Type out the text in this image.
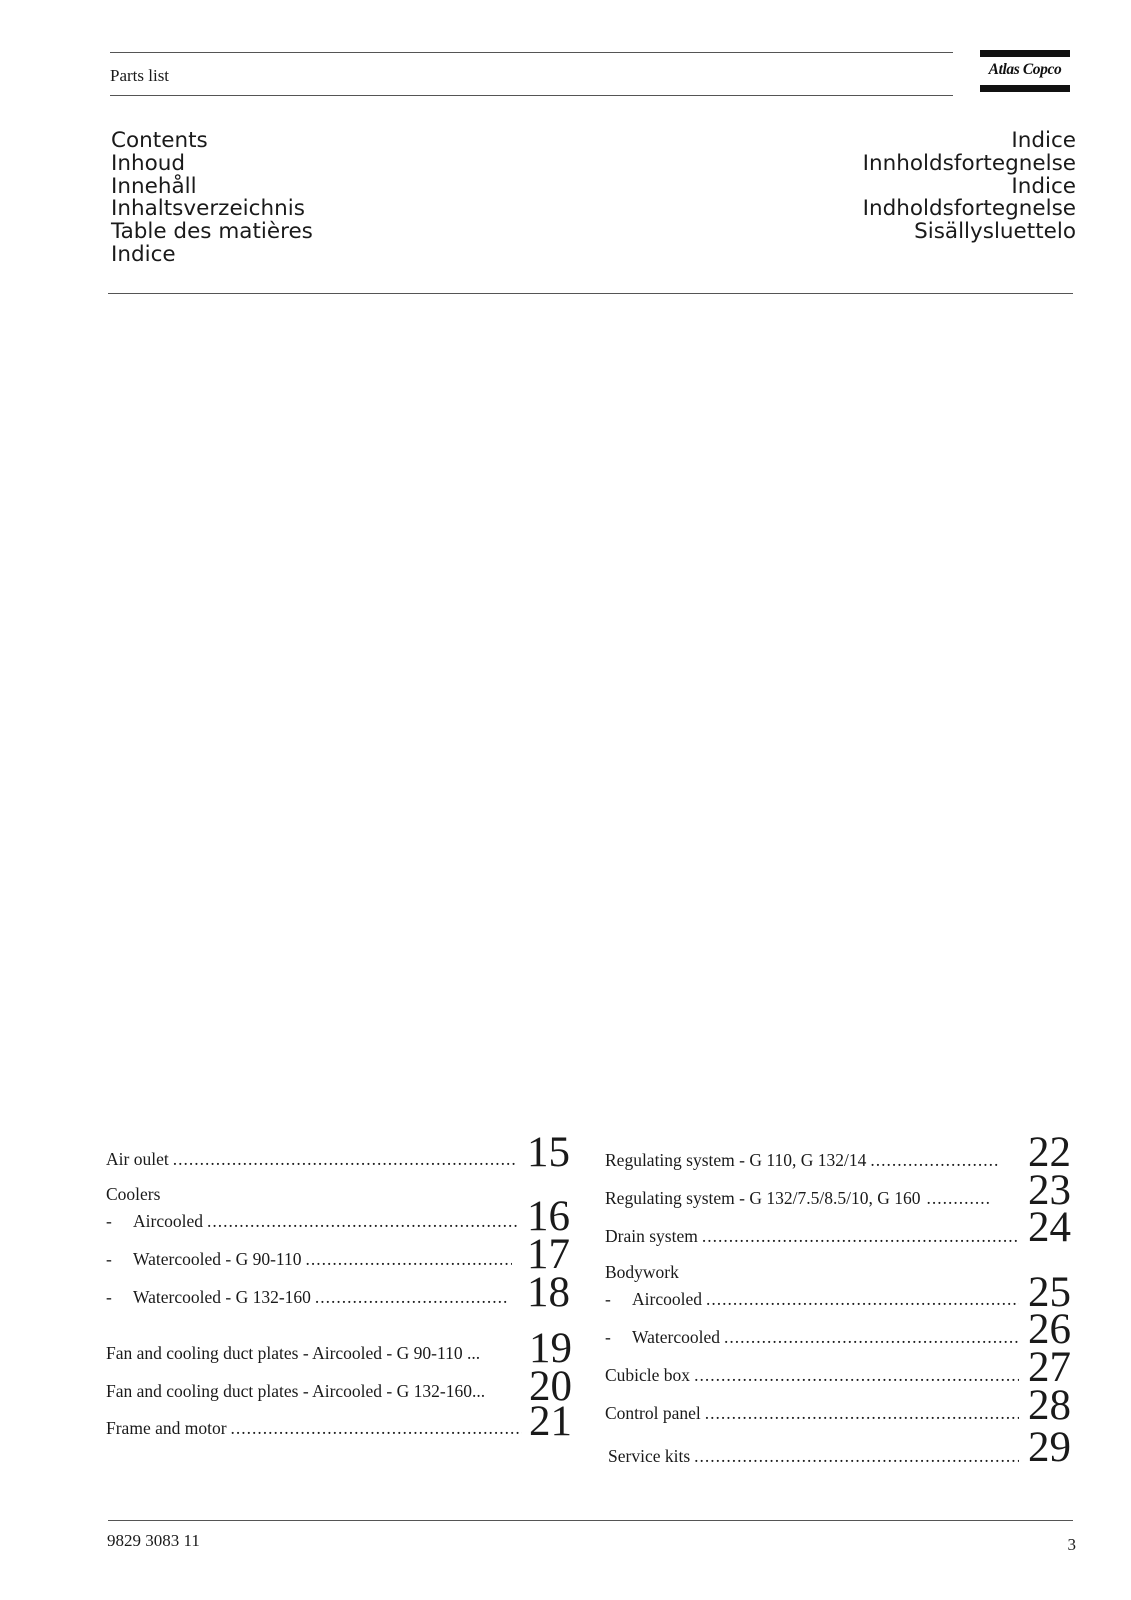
Parts list	Atlas Copco
Contents
Inhoud
Innehåll
Inhaltsverzeichnis
Table des matières
Indice
Indice
Innholdsfortegnelse
Indice
Indholdsfortegnelse
Sisällysluettelo
Air oulet .....	15
Coolers
-	Aircooled .....	16
-	Watercooled - G 90-110 .....	17
-	Watercooled - G 132-160 .....	18
Fan and cooling duct plates - Aircooled - G 90-110 ... 19
Fan and cooling duct plates - Aircooled - G 132-160... 20
Frame and motor .....	21
Regulating system - G 110, G 132/14 .....	22
Regulating system - G 132/7.5/8.5/10, G 160 ............ 23
Drain system .....	24
Bodywork
-	Aircooled .....	25
-	Watercooled .....	26
Cubicle box .....	27
Control panel .....	28
Service kits .....	29
9829 3083 11	3
